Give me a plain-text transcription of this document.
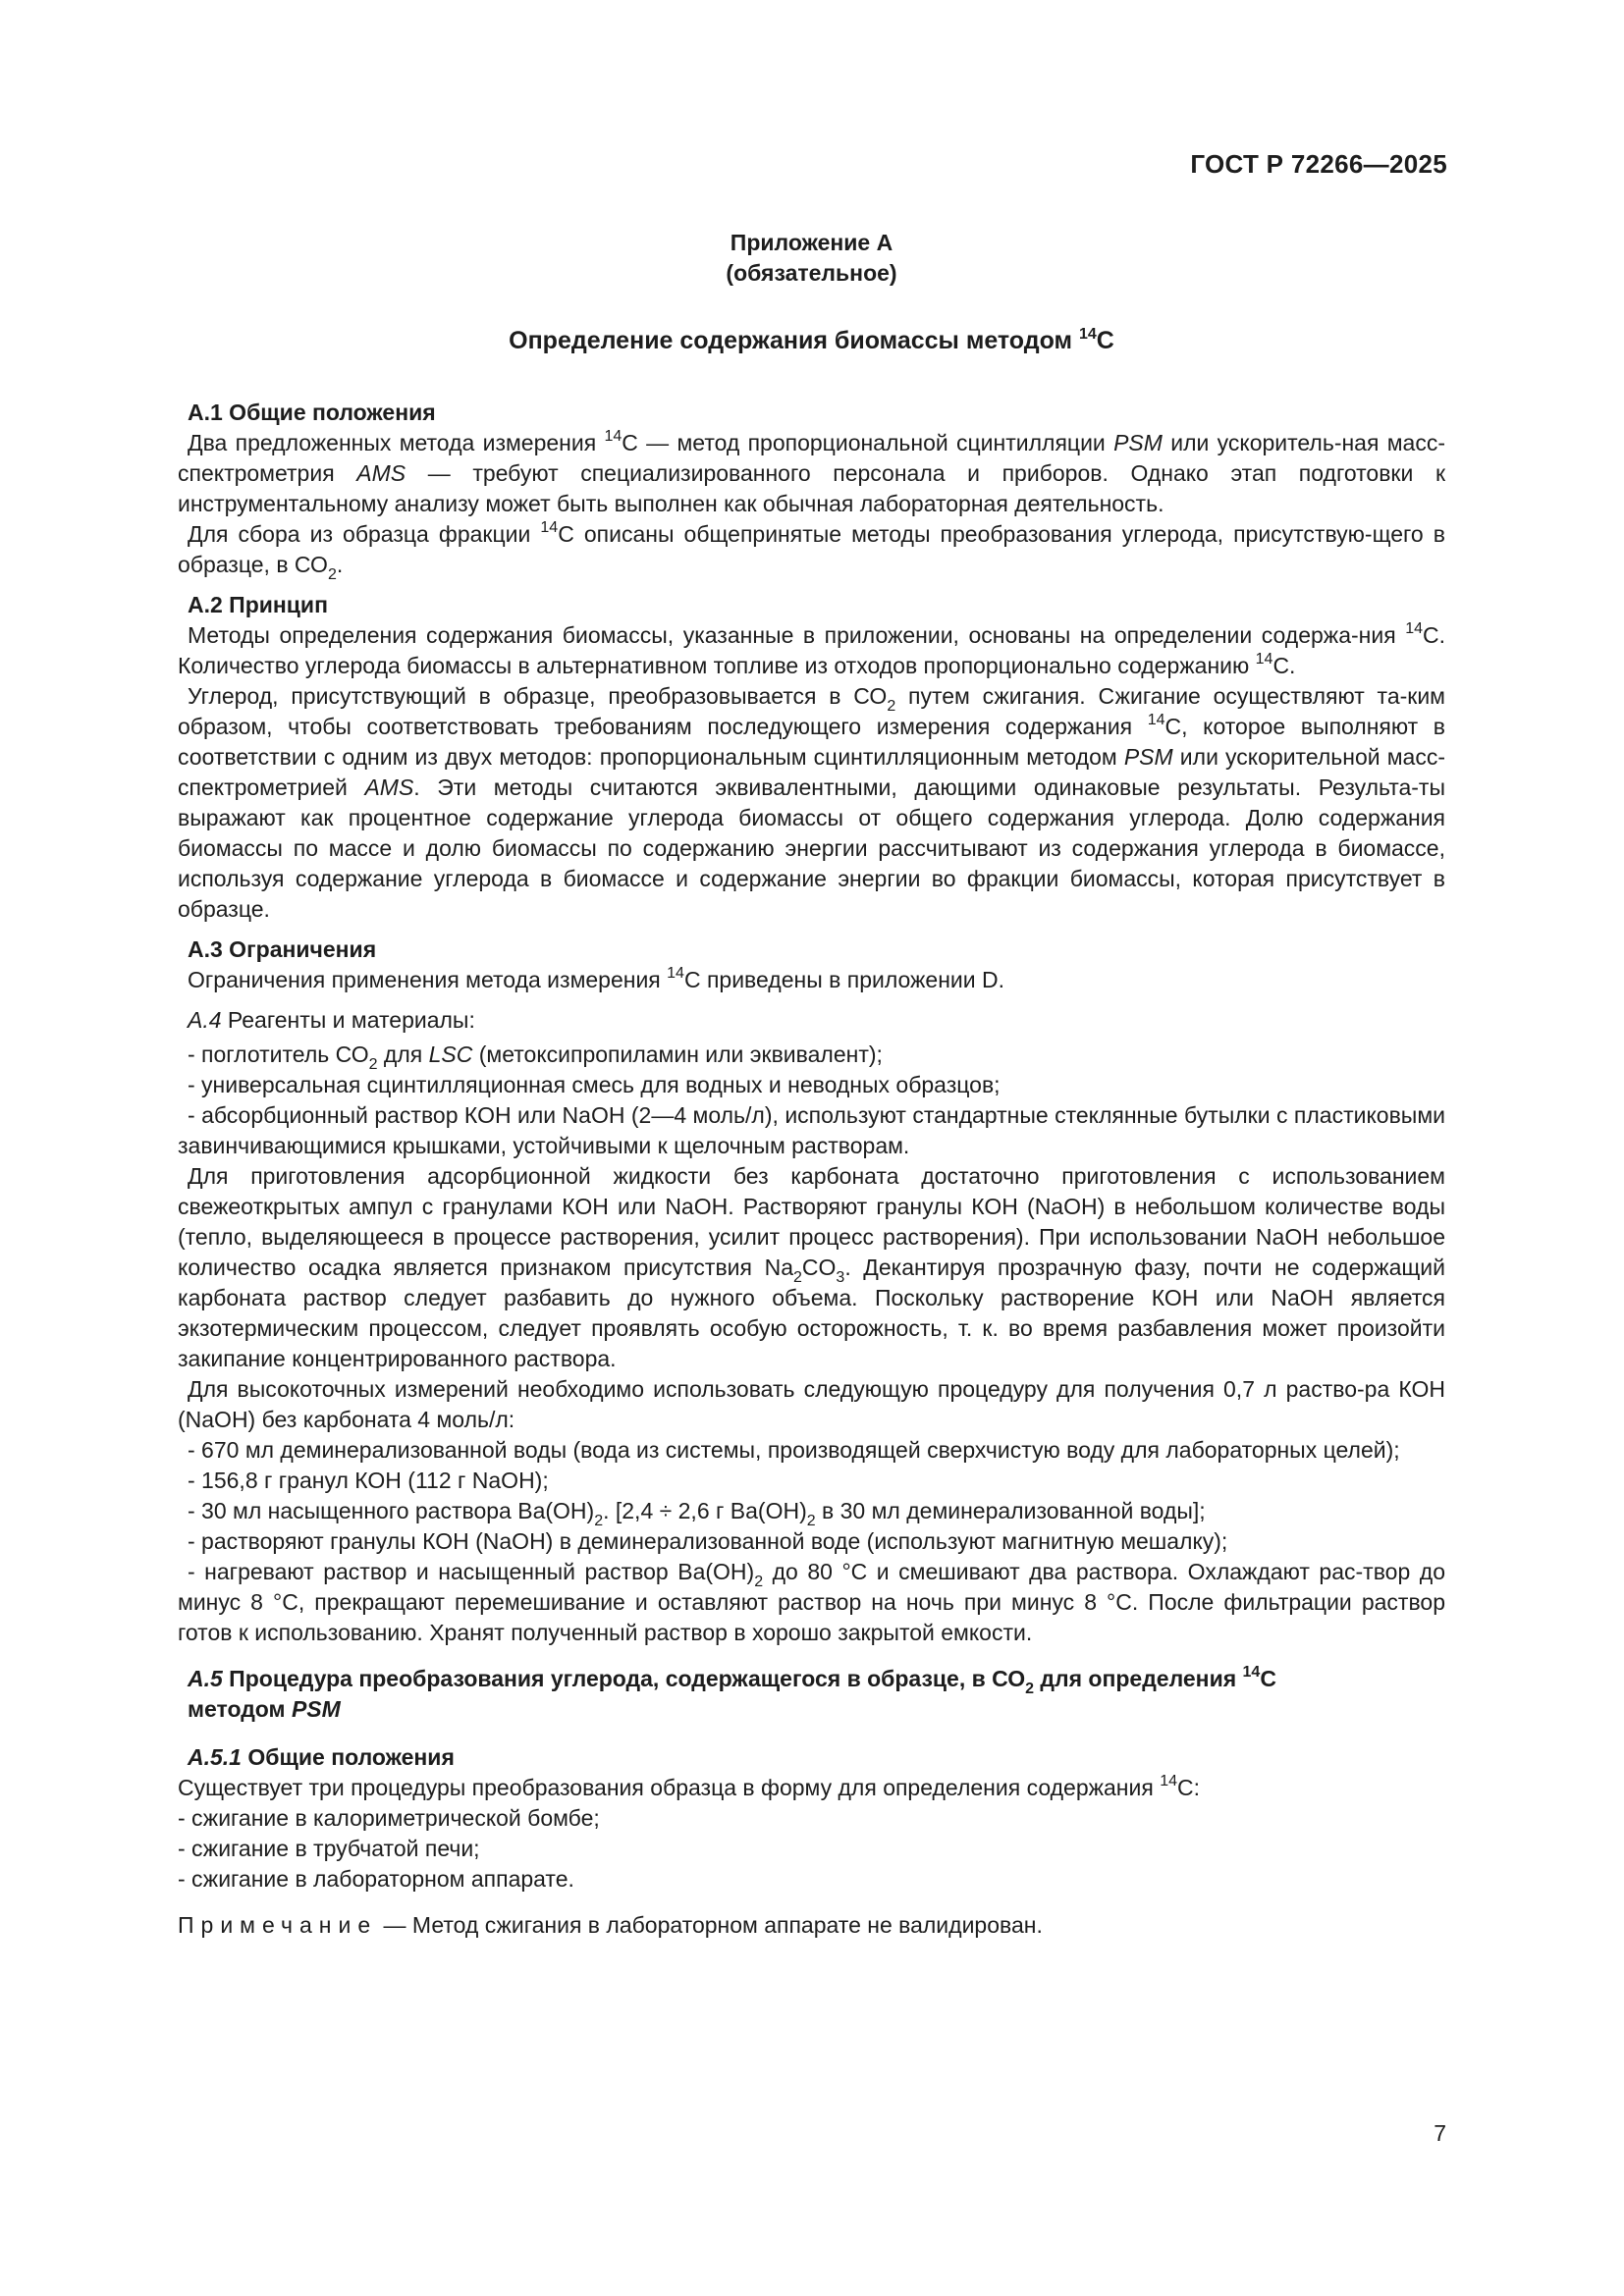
ГОСТ Р 72266—2025
Приложение А
(обязательное)
Определение содержания биомассы методом $^{14}$С
А.1 Общие положения

Два предложенных метода измерения $^{14}$С — метод пропорциональной сцинтилляции PSM или ускоритель-ная масс-спектрометрия AMS — требуют специализированного персонала и приборов. Однако этап подготовки к инструментальному анализу может быть выполнен как обычная лабораторная деятельность.

Для сбора из образца фракции $^{14}$С описаны общепринятые методы преобразования углерода, присутствую-щего в образце, в $СО_2$.

А.2 Принцип

Методы определения содержания биомассы, указанные в приложении, основаны на определении содержа-ния $^{14}$С. Количество углерода биомассы в альтернативном топливе из отходов пропорционально содержанию $^{14}$С.

Углерод, присутствующий в образце, преобразовывается в $СО_2$ путем сжигания. Сжигание осуществляют та-ким образом, чтобы соответствовать требованиям последующего измерения содержания $^{14}$С, которое выполняют в соответствии с одним из двух методов: пропорциональным сцинтилляционным методом PSM или ускорительной масс-спектрометрией AMS. Эти методы считаются эквивалентными, дающими одинаковые результаты. Результа-ты выражают как процентное содержание углерода биомассы от общего содержания углерода. Долю содержания биомассы по массе и долю биомассы по содержанию энергии рассчитывают из содержания углерода в биомассе, используя содержание углерода в биомассе и содержание энергии во фракции биомассы, которая присутствует в образце.

А.3 Ограничения

Ограничения применения метода измерения $^{14}$С приведены в приложении D.

А.4 Реагенты и материалы:

- поглотитель $СО_2$ для LSC (метоксипропиламин или эквивалент);

- универсальная сцинтилляционная смесь для водных и неводных образцов;

- абсорбционный раствор КОН или NaOH (2—4 моль/л), используют стандартные стеклянные бутылки с пластиковыми завинчивающимися крышками, устойчивыми к щелочным растворам.

Для приготовления адсорбционной жидкости без карбоната достаточно приготовления с использованием свежеоткрытых ампул с гранулами КОН или NaOH. Растворяют гранулы КОН (NaOH) в небольшом количестве воды (тепло, выделяющееся в процессе растворения, усилит процесс растворения). При использовании NaOH небольшое количество осадка является признаком присутствия $Na_2CO_3$. Декантируя прозрачную фазу, почти не содержащий карбоната раствор следует разбавить до нужного объема. Поскольку растворение КОН или NaOH является экзотермическим процессом, следует проявлять особую осторожность, т. к. во время разбавления может произойти закипание концентрированного раствора.

Для высокоточных измерений необходимо использовать следующую процедуру для получения 0,7 л раство-ра КОН (NaOH) без карбоната 4 моль/л:

- 670 мл деминерализованной воды (вода из системы, производящей сверхчистую воду для лабораторных целей);

- 156,8 г гранул КОН (112 г NaOH);

- 30 мл насыщенного раствора $Ba(OH)_2$. [2,4 ÷ 2,6 г $Ba(OH)_2$ в 30 мл деминерализованной воды];

- растворяют гранулы КОН (NaOH) в деминерализованной воде (используют магнитную мешалку);

- нагревают раствор и насыщенный раствор $Ba(OH)_2$ до 80 °С и смешивают два раствора. Охлаждают рас-твор до минус 8 °С, прекращают перемешивание и оставляют раствор на ночь при минус 8 °С. После фильтрации раствор готов к использованию. Хранят полученный раствор в хорошо закрытой емкости.

А.5 Процедура преобразования углерода, содержащегося в образце, в $СО_2$ для определения $^{14}$С
методом PSM
А.5.1 Общие положения

Существует три процедуры преобразования образца в форму для определения содержания $^{14}$С:

- сжигание в калориметрической бомбе;

- сжигание в трубчатой печи;

- сжигание в лабораторном аппарате.

Примечание — Метод сжигания в лабораторном аппарате не валидирован.

7
